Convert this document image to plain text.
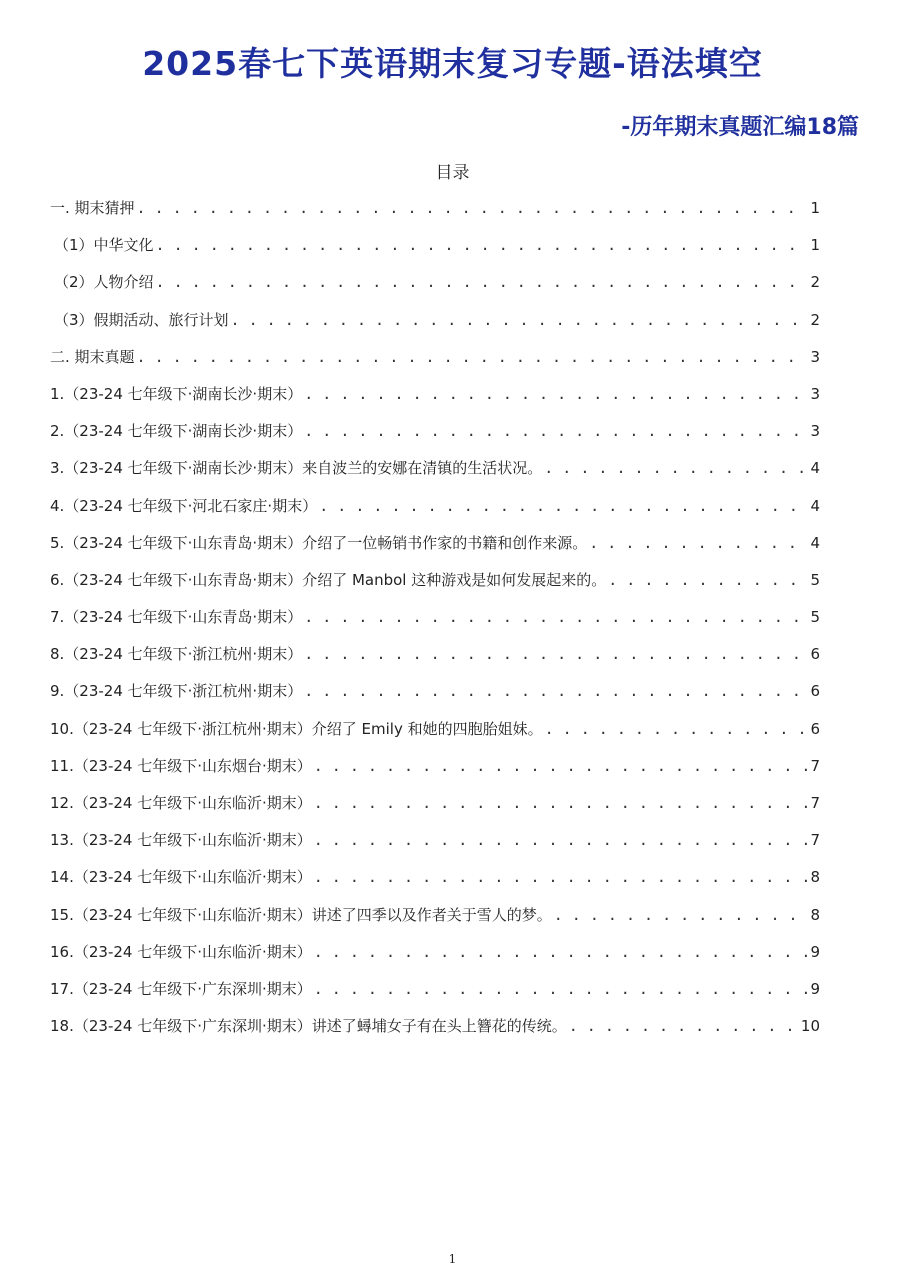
2025春七下英语期末复习专题-语法填空
-历年期末真题汇编18篇
目录
一. 期末猜押 . . .	1
（1）中华文化 . . .	1
（2）人物介绍 . . .	2
（3）假期活动、旅行计划 . . .	2
二. 期末真题 . . .	3
1.（23-24 七年级下·湖南长沙·期末） . . .	3
2.（23-24 七年级下·湖南长沙·期末） . . .	3
3.（23-24 七年级下·湖南长沙·期末）来自波兰的安娜在清镇的生活状况。 . . .	4
4.（23-24 七年级下·河北石家庄·期末） . . .	4
5.（23-24 七年级下·山东青岛·期末）介绍了一位畅销书作家的书籍和创作来源。 . . .	4
6.（23-24 七年级下·山东青岛·期末）介绍了 Manbol 这种游戏是如何发展起来的。 . . .	5
7.（23-24 七年级下·山东青岛·期末） . . .	5
8.（23-24 七年级下·浙江杭州·期末） . . .	6
9.（23-24 七年级下·浙江杭州·期末） . . .	6
10.（23-24 七年级下·浙江杭州·期末）介绍了 Emily 和她的四胞胎姐妹。 . . .	6
11.（23-24 七年级下·山东烟台·期末） . . .	7
12.（23-24 七年级下·山东临沂·期末） . . .	7
13.（23-24 七年级下·山东临沂·期末） . . .	7
14.（23-24 七年级下·山东临沂·期末） . . .	8
15.（23-24 七年级下·山东临沂·期末）讲述了四季以及作者关于雪人的梦。 . . .	8
16.（23-24 七年级下·山东临沂·期末） . . .	9
17.（23-24 七年级下·广东深圳·期末） . . .	9
18.（23-24 七年级下·广东深圳·期末）讲述了蟳埔女子有在头上簪花的传统。 . . .	10
1
